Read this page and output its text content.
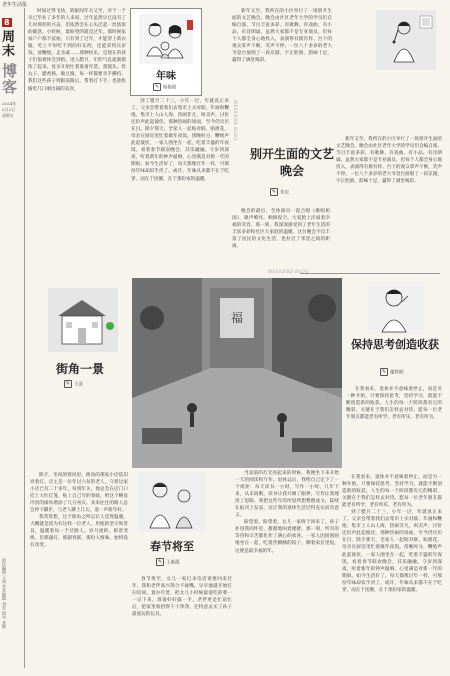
老年生活报
8
周末
博客
2024年
2月2日
星期五

时间过得飞快，转眼间年关又至，对于一个早已毕业了多年的人来说，过年虽然早已没有了儿时那样的兴奋，但依然会在心头泛起一丝浓浓的暖意。小时候，最盼望的就是过年。那时候家家户户都不富裕，只有到了过年，才能穿上新衣服，吃上平时吃不到的好东西，还能拿到压岁钱，放鞭炮，走亲戚……那种快乐，是现在的孩子们很难体会到的。进入腊月，年的气息就渐渐浓了起来。母亲开始忙着准备年货，蒸馒头、炸丸子、灌香肠、做豆腐，每一样都要亲手操持。我们这些孩子则跟前跟后，帮着打下手，也趁机偷吃几口刚出锅的美食。

年味
✎ 杨艳阳

到了腊月二十三，小年一过，年就真正来了。父亲会带着我们去集市上买对联、年画和鞭炮。集市上人山人海，热闹非凡，叫卖声、讨价还价声此起彼伏。那种热闹的场面，至今仍历历在目。除夕那天，全家人一起贴对联、贴窗花，母亲在厨房里忙着做年夜饭。傍晚时分，鞭炮声此起彼伏，一家人围坐在一起，吃着丰盛的年夜饭，看着春节联欢晚会，其乐融融。守岁到深夜，听着新年的钟声敲响，心里满是对新一年的期盼。如今生活好了，每天都像过年一样，可那份年味却似乎淡了。或许，年味从来都不在于吃穿，而在于团聚，在于那份家的温暖。

WEEKEND BLOG

新年又至，我所在的小区举行了一场别开生面的文艺晚会。晚会由社区老年大学的学员们自编自演，节目丰富多彩，有歌舞、有戏曲、有小品、有诗朗诵。虽然大家都不是专业演员，但每个人都全身心地投入，表演得有模有样。台下的观众掌声不断，笑声不停。一位八十多岁的老大爷登台演唱了一段京剧，字正腔圆，韵味十足，赢得了满堂喝彩。

别开生面的文艺晚会
✎ 朱宏

晚会的最后，全体演员一起合唱《歌唱祖国》，歌声嘹亮，响彻夜空。大家脸上洋溢着幸福的笑容，那一刻，我深深感受到了老年生活的丰富多彩和社区大家庭的温暖。这台晚会不仅丰富了居民的文化生活，也拉近了邻里之间的距离。

新年又至，我所在的小区举行了一场别开生面的文艺晚会。晚会由社区老年大学的学员们自编自演，节目丰富多彩，有歌舞、有戏曲、有小品、有诗朗诵。虽然大家都不是专业演员，但每个人都全身心地投入，表演得有模有样。台下的观众掌声不断，笑声不停。一位八十多岁的老大爷登台演唱了一段京剧，字正腔圆，韵味十足，赢得了满堂喝彩。

WEEKEND BLOG
街角一景
✎ 王景
福
保持思考创造收获
✎ 谢铁柄

在我看来，退休并不意味着停止，而是另一种开始。只要保持思考，坚持学习，就能不断创造新的收获。人生的每一个阶段都有它的精彩，关键在于我们怎样去对待。愿每一位老年朋友都能老有所学，老有所乐，老有所为。

除夕，冬夜的寒风里，街角的那家小店依旧亮着灯。店主是一位年过六旬的老人，守着这家小店已有二十多年。每到年关，他总会在店门口挂上大红灯笼，贴上自己写的春联，给这个略显冷清的街角增添了几分喜庆。来来往往的路人总会停下脚步，与老人聊上几句，道一声新年好。

我常常想，这个街角之所以让人觉得温暖，大概就是因为有这样一位老人，用他的坚守和善良，温暖着每一个过路人。岁月流转，街景变换，但那盏灯，那副春联，那份人情味，始终没有改变。	春节将至
✎ 王素霞

春节将至，女儿一家打来电话说要回来过年，我和老伴高兴得合不拢嘴。早早地就开始打扫房间、置办年货，把女儿小时候最爱吃的菜一一记下来，准备好好露一手。老伴更是忙前忙后，把家里收拾得干干净净，还特意去买了孙子最爱玩的玩具。

当桌前的灯光亮起来的时候，我便坐下来开始一天的阅读和写作。退休以后，我给自己定下了一个规矩：每天读书一小时，写作一小时。几年下来，从未间断。读书让我开阔了眼界，写作让我理清了思路。我把这些年的所思所想整理成文，陆续在报刊上发表，这让我的退休生活过得充实而有意义。

盼望着，盼望着，女儿一家终于回来了。孙子扑进我的怀里，甜甜地叫着姥姥，那一刻，所有的等待和辛苦都化作了满心的欢喜。一家人团团圆圆地坐在一起，吃着热腾腾的饺子，聊着家长里短，这便是最幸福的年。

在我看来，退休并不意味着停止，而是另一种开始。只要保持思考，坚持学习，就能不断创造新的收获。人生的每一个阶段都有它的精彩，关键在于我们怎样去对待。愿每一位老年朋友都能老有所学，老有所乐，老有所为。

到了腊月二十三，小年一过，年就真正来了。父亲会带着我们去集市上买对联、年画和鞭炮。集市上人山人海，热闹非凡，叫卖声、讨价还价声此起彼伏。那种热闹的场面，至今仍历历在目。除夕那天，全家人一起贴对联、贴窗花，母亲在厨房里忙着做年夜饭。傍晚时分，鞭炮声此起彼伏，一家人围坐在一起，吃着丰盛的年夜饭，看着春节联欢晚会，其乐融融。守岁到深夜，听着新年的钟声敲响，心里满是对新一年的期盼。如今生活好了，每天都像过年一样，可那份年味却似乎淡了。或许，年味从来都不在于吃穿，而在于团聚，在于那份家的温暖。

责任编辑 王成 美术编辑 刘宏 校对 张敏
